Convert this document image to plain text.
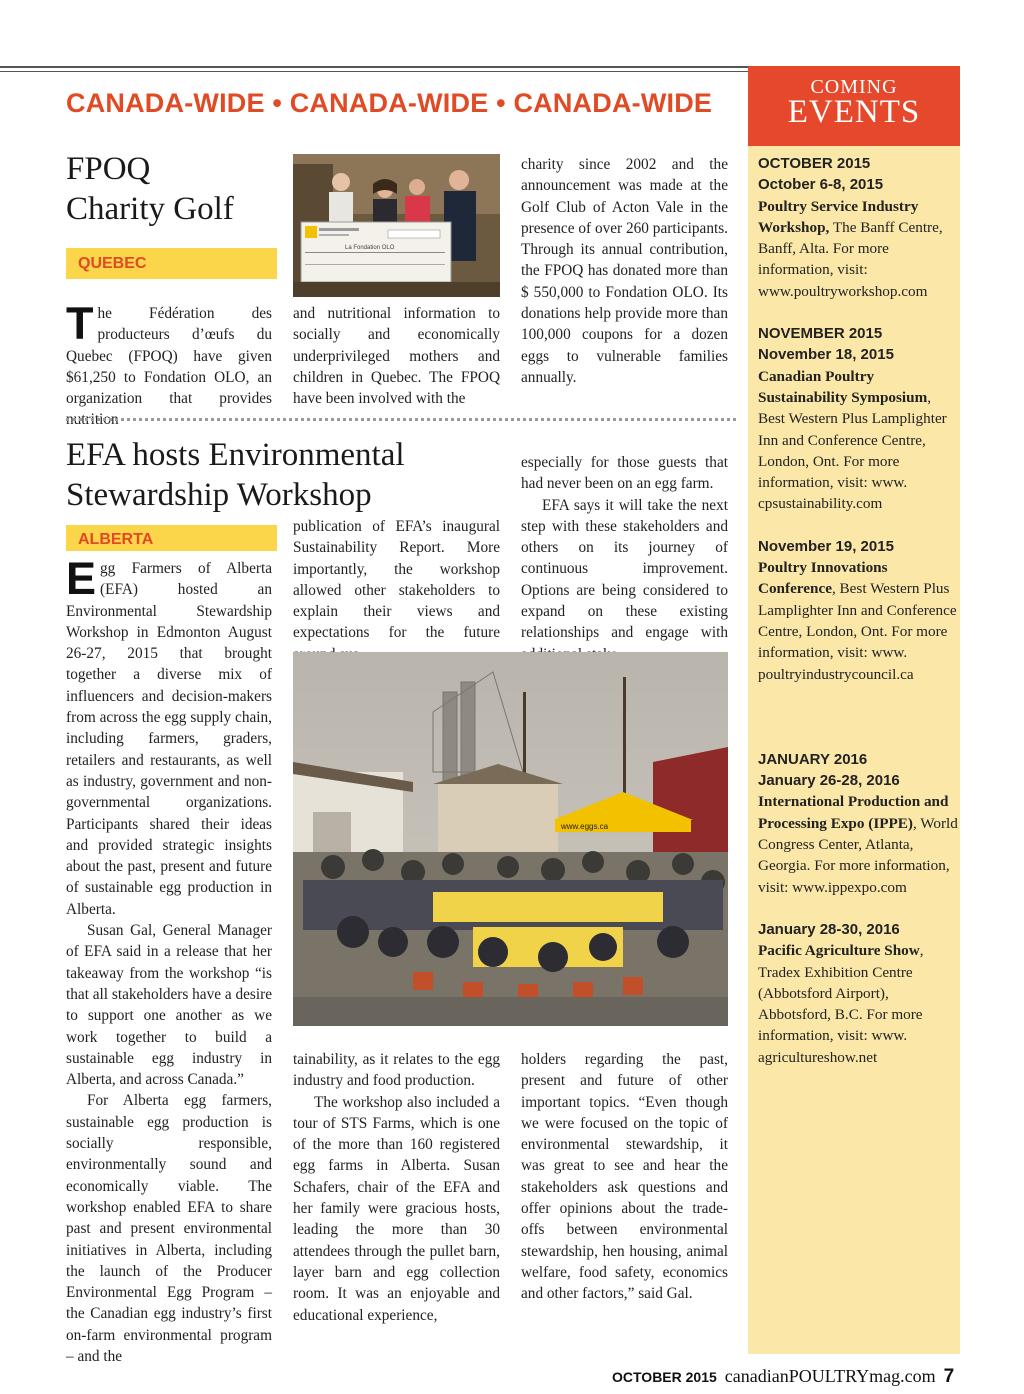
CANADA-WIDE • CANADA-WIDE • CANADA-WIDE
COMING
EVENTS
OCTOBER 2015
October 6-8, 2015
Poultry Service Industry Workshop, The Banff Centre, Banff, Alta. For more information, visit: www.poultryworkshop.com
NOVEMBER 2015
November 18, 2015
Canadian Poultry Sustainability Symposium, Best Western Plus Lamplighter Inn and Conference Centre, London, Ont. For more information, visit: www. cpsustainability.com
November 19, 2015
Poultry Innovations Conference, Best Western Plus Lamplighter Inn and Conference Centre, London, Ont. For more information, visit: www. poultryindustrycouncil.ca
JANUARY 2016
January 26-28, 2016
International Production and Processing Expo (IPPE), World Congress Center, Atlanta, Georgia. For more information, visit: www.ippexpo.com
January 28-30, 2016
Pacific Agriculture Show, Tradex Exhibition Centre (Abbotsford Airport), Abbotsford, B.C. For more information, visit: www. agricultureshow.net
FPOQ
Charity Golf
QUEBEC
La Fondation OLO

The Fédération des producteurs d’œufs du Quebec (FPOQ) have given $61,250 to Fondation OLO, an organization that provides nutrition

and nutritional information to socially and economically underprivileged mothers and children in Quebec. The FPOQ have been involved with the

charity since 2002 and the announcement was made at the Golf Club of Acton Vale in the presence of over 260 participants. Through its annual contribution, the FPOQ has donated more than $ 550,000 to Fondation OLO. Its donations help provide more than 100,000 coupons for a dozen eggs to vulnerable families annually.

EFA hosts Environmental
Stewardship Workshop
ALBERTA

Egg Farmers of Alberta (EFA) hosted an Environmental Stewardship Workshop in Edmonton August 26-27, 2015 that brought together a diverse mix of influencers and decision-makers from across the egg supply chain, including farmers, graders, retailers and restaurants, as well as industry, government and non-governmental organizations. Participants shared their ideas and provided strategic insights about the past, present and future of sustainable egg production in Alberta.

Susan Gal, General Manager of EFA said in a release that her takeaway from the workshop “is that all stakeholders have a desire to support one another as we work together to build a sustainable egg industry in Alberta, and across Canada.”

For Alberta egg farmers, sustainable egg production is socially responsible, environmentally sound and economically viable. The workshop enabled EFA to share past and present environmental initiatives in Alberta, including the launch of the Producer Environmental Egg Program – the Canadian egg industry’s first on-farm environmental program – and the

publication of EFA’s inaugural Sustainability Report. More importantly, the workshop allowed other stakeholders to explain their views and expectations for the future

especially for those guests that had never been on an egg farm.

EFA says it will take the next step with these stakeholders and others on its journey of continuous improvement. Options are being considered to expand on these existing relationships and engage with

www.eggs.ca

tainability, as it relates to the egg industry and food production.

The workshop also included a tour of STS Farms, which is one of the more than 160 registered egg farms in Alberta. Susan Schafers, chair of the EFA and her family were gracious hosts, leading the more than 30 attendees through the pullet barn, layer barn and egg collection room. It was an enjoyable and educational experience,

holders regarding the past, present and future of other important topics. “Even though we were focused on the topic of environmental stewardship, it was great to see and hear the stakeholders ask questions and offer opinions about the trade-offs between environmental stewardship, hen housing, animal welfare, food safety, economics and other factors,” said Gal.

OCTOBER 2015 canadianPOULTRYmag.com 7
